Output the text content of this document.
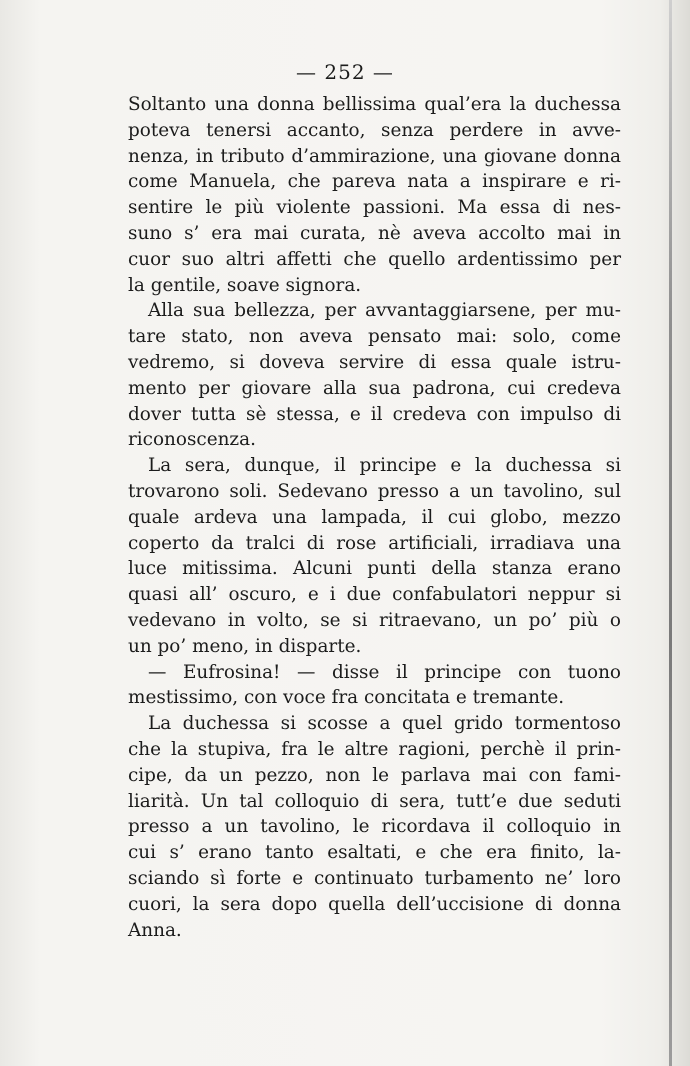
— 252 —
Soltanto una donna bellissima qual’era la duchessa
poteva tenersi accanto, senza perdere in avve-
nenza, in tributo d’ammirazione, una giovane donna
come Manuela, che pareva nata a inspirare e ri-
sentire le più violente passioni. Ma essa di nes-
suno s’ era mai curata, nè aveva accolto mai in
cuor suo altri affetti che quello ardentissimo per
la gentile, soave signora.
Alla sua bellezza, per avvantaggiarsene, per mu-
tare stato, non aveva pensato mai: solo, come
vedremo, si doveva servire di essa quale istru-
mento per giovare alla sua padrona, cui credeva
dover tutta sè stessa, e il credeva con impulso di
riconoscenza.
La sera, dunque, il principe e la duchessa si
trovarono soli. Sedevano presso a un tavolino, sul
quale ardeva una lampada, il cui globo, mezzo
coperto da tralci di rose artificiali, irradiava una
luce mitissima. Alcuni punti della stanza erano
quasi all’ oscuro, e i due confabulatori neppur si
vedevano in volto, se si ritraevano, un po’ più o
un po’ meno, in disparte.
— Eufrosina! — disse il principe con tuono
mestissimo, con voce fra concitata e tremante.
La duchessa si scosse a quel grido tormentoso
che la stupiva, fra le altre ragioni, perchè il prin-
cipe, da un pezzo, non le parlava mai con fami-
liarità. Un tal colloquio di sera, tutt’e due seduti
presso a un tavolino, le ricordava il colloquio in
cui s’ erano tanto esaltati, e che era finito, la-
sciando sì forte e continuato turbamento ne’ loro
cuori, la sera dopo quella dell’uccisione di donna
Anna.
